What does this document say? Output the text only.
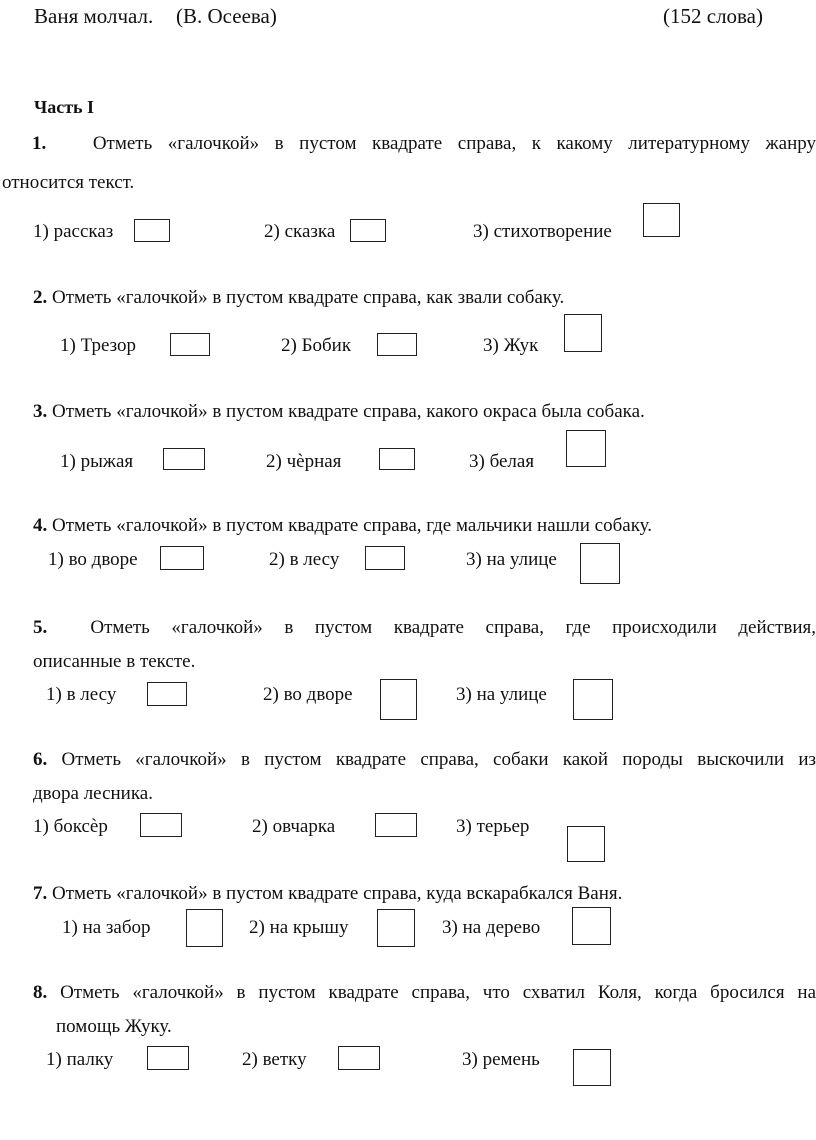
Ваня молчал. (В. Осеева)	(152 слова)
Часть I
1. Отметь «галочкой» в пустом квадрате справа, к какому литературному жанру
относится текст.
1) рассказ	2) сказка	3) стихотворение
2. Отметь «галочкой» в пустом квадрате справа, как звали собаку.
1) Трезор	2) Бобик	3) Жук
3. Отметь «галочкой» в пустом квадрате справа, какого окраса была собака.
1) рыжая	2) чѐрная	3) белая
4. Отметь «галочкой» в пустом квадрате справа, где мальчики нашли собаку.
1) во дворе	2) в лесу	3) на улице
5. Отметь «галочкой» в пустом квадрате справа, где происходили действия,
описанные в тексте.
1) в лесу	2) во дворе	3) на улице
6. Отметь «галочкой» в пустом квадрате справа, собаки какой породы выскочили из
двора лесника.
1) боксѐр	2) овчарка	3) терьер
7. Отметь «галочкой» в пустом квадрате справа, куда вскарабкался Ваня.
1) на забор	2) на крышу	3) на дерево
8. Отметь «галочкой» в пустом квадрате справа, что схватил Коля, когда бросился на
помощь Жуку.
1) палку	2) ветку	3) ремень
